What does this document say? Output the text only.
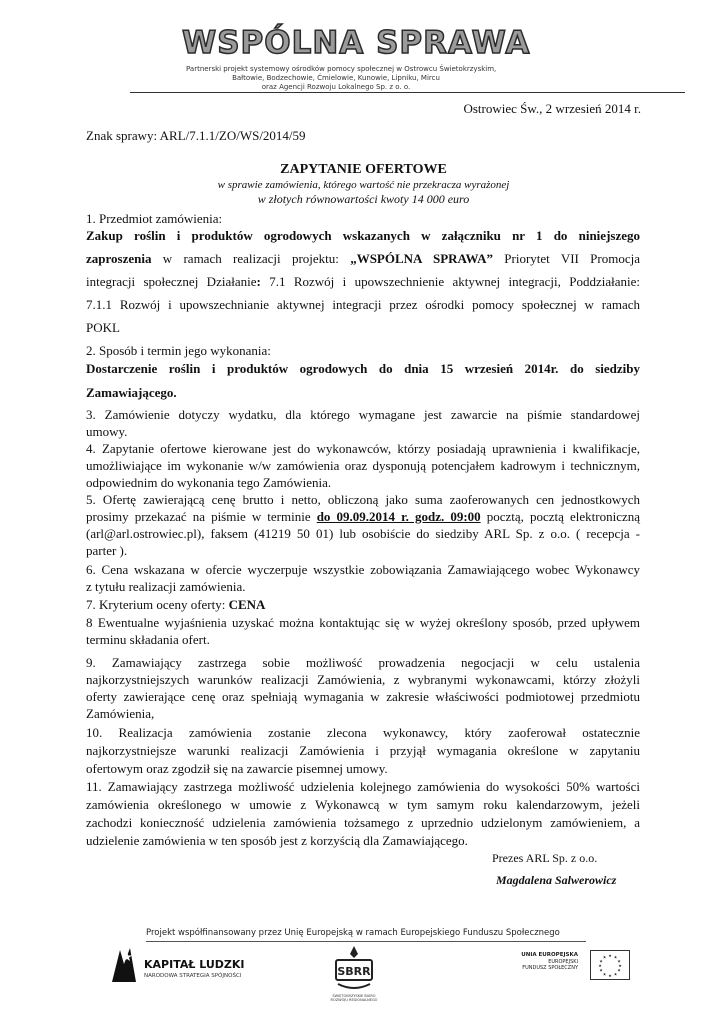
WSPÓLNA SPRAWA
Partnerski projekt systemowy ośrodków pomocy społecznej w Ostrowcu Świetokrzyskim,
Bałtowie, Bodzechowie, Ćmielowie, Kunowie, Lipniku, Mircu
oraz Agencji Rozwoju Lokalnego Sp. z o. o.
Ostrowiec Św., 2 wrzesień 2014 r.
Znak sprawy: ARL/7.1.1/ZO/WS/2014/59
ZAPYTANIE OFERTOWE
w sprawie zamówienia, którego wartość nie przekracza wyrażonej
w złotych równowartości kwoty 14 000 euro
1. Przedmiot zamówienia:
Zakup roślin i produktów ogrodowych wskazanych w załączniku nr 1 do niniejszego
zaproszenia w ramach realizacji projektu: „WSPÓLNA SPRAWA” Priorytet VII Promocja
integracji społecznej Działanie: 7.1 Rozwój i upowszechnienie aktywnej integracji, Poddziałanie:
7.1.1 Rozwój i upowszechnianie aktywnej integracji przez ośrodki pomocy społecznej w ramach
POKL
2. Sposób i termin jego wykonania:
Dostarczenie roślin i produktów ogrodowych do dnia 15 wrzesień 2014r. do siedziby
Zamawiającego.
3. Zamówienie dotyczy wydatku, dla którego wymagane jest zawarcie na piśmie standardowej
umowy.
4. Zapytanie ofertowe kierowane jest do wykonawców, którzy posiadają uprawnienia i kwalifikacje,
umożliwiające im wykonanie w/w zamówienia oraz dysponują potencjałem kadrowym i technicznym,
odpowiednim do wykonania tego Zamówienia.
5. Ofertę zawierającą cenę brutto i netto, obliczoną jako suma zaoferowanych cen jednostkowych
prosimy przekazać na piśmie w terminie do 09.09.2014 r. godz. 09:00 pocztą, pocztą elektroniczną
(arl@arl.ostrowiec.pl), faksem (41219 50 01) lub osobiście do siedziby ARL Sp. z o.o. ( recepcja -
parter ).
6. Cena wskazana w ofercie wyczerpuje wszystkie zobowiązania Zamawiającego wobec Wykonawcy
z tytułu realizacji zamówienia.
7. Kryterium oceny oferty: CENA
8 Ewentualne wyjaśnienia uzyskać można kontaktując się w wyżej określony sposób, przed upływem
terminu składania ofert.
9. Zamawiający zastrzega sobie możliwość prowadzenia negocjacji w celu ustalenia
najkorzystniejszych warunków realizacji Zamówienia, z wybranymi wykonawcami, którzy złożyli
oferty zawierające cenę oraz spełniają wymagania w zakresie właściwości podmiotowej przedmiotu
Zamówienia,
10. Realizacja zamówienia zostanie zlecona wykonawcy, który zaoferował ostatecznie
najkorzystniejsze warunki realizacji Zamówienia i przyjął wymagania określone w zapytaniu
ofertowym oraz zgodził się na zawarcie pisemnej umowy.
11. Zamawiający zastrzega możliwość udzielenia kolejnego zamówienia do wysokości 50% wartości
zamówienia określonego w umowie z Wykonawcą w tym samym roku kalendarzowym, jeżeli
zachodzi konieczność udzielenia zamówienia tożsamego z uprzednio udzielonym zamówieniem, a
udzielenie zamówienia w ten sposób jest z korzyścią dla Zamawiającego.
Prezes ARL Sp. z o.o.
Magdalena Salwerowicz
Projekt współfinansowany przez Unię Europejską w ramach Europejskiego Funduszu Społecznego
KAPITAŁ LUDZKI
NARODOWA STRATEGIA SPÓJNOŚCI	SBRR
ŚWIĘTOKRZYSKIE BIURO
ROZWOJU REGIONALNEGO
UNIA EUROPEJSKA
EUROPEJSKI
FUNDUSZ SPOŁECZNY
★ ★
★
★
★
★
★
★
★
★
★
★
